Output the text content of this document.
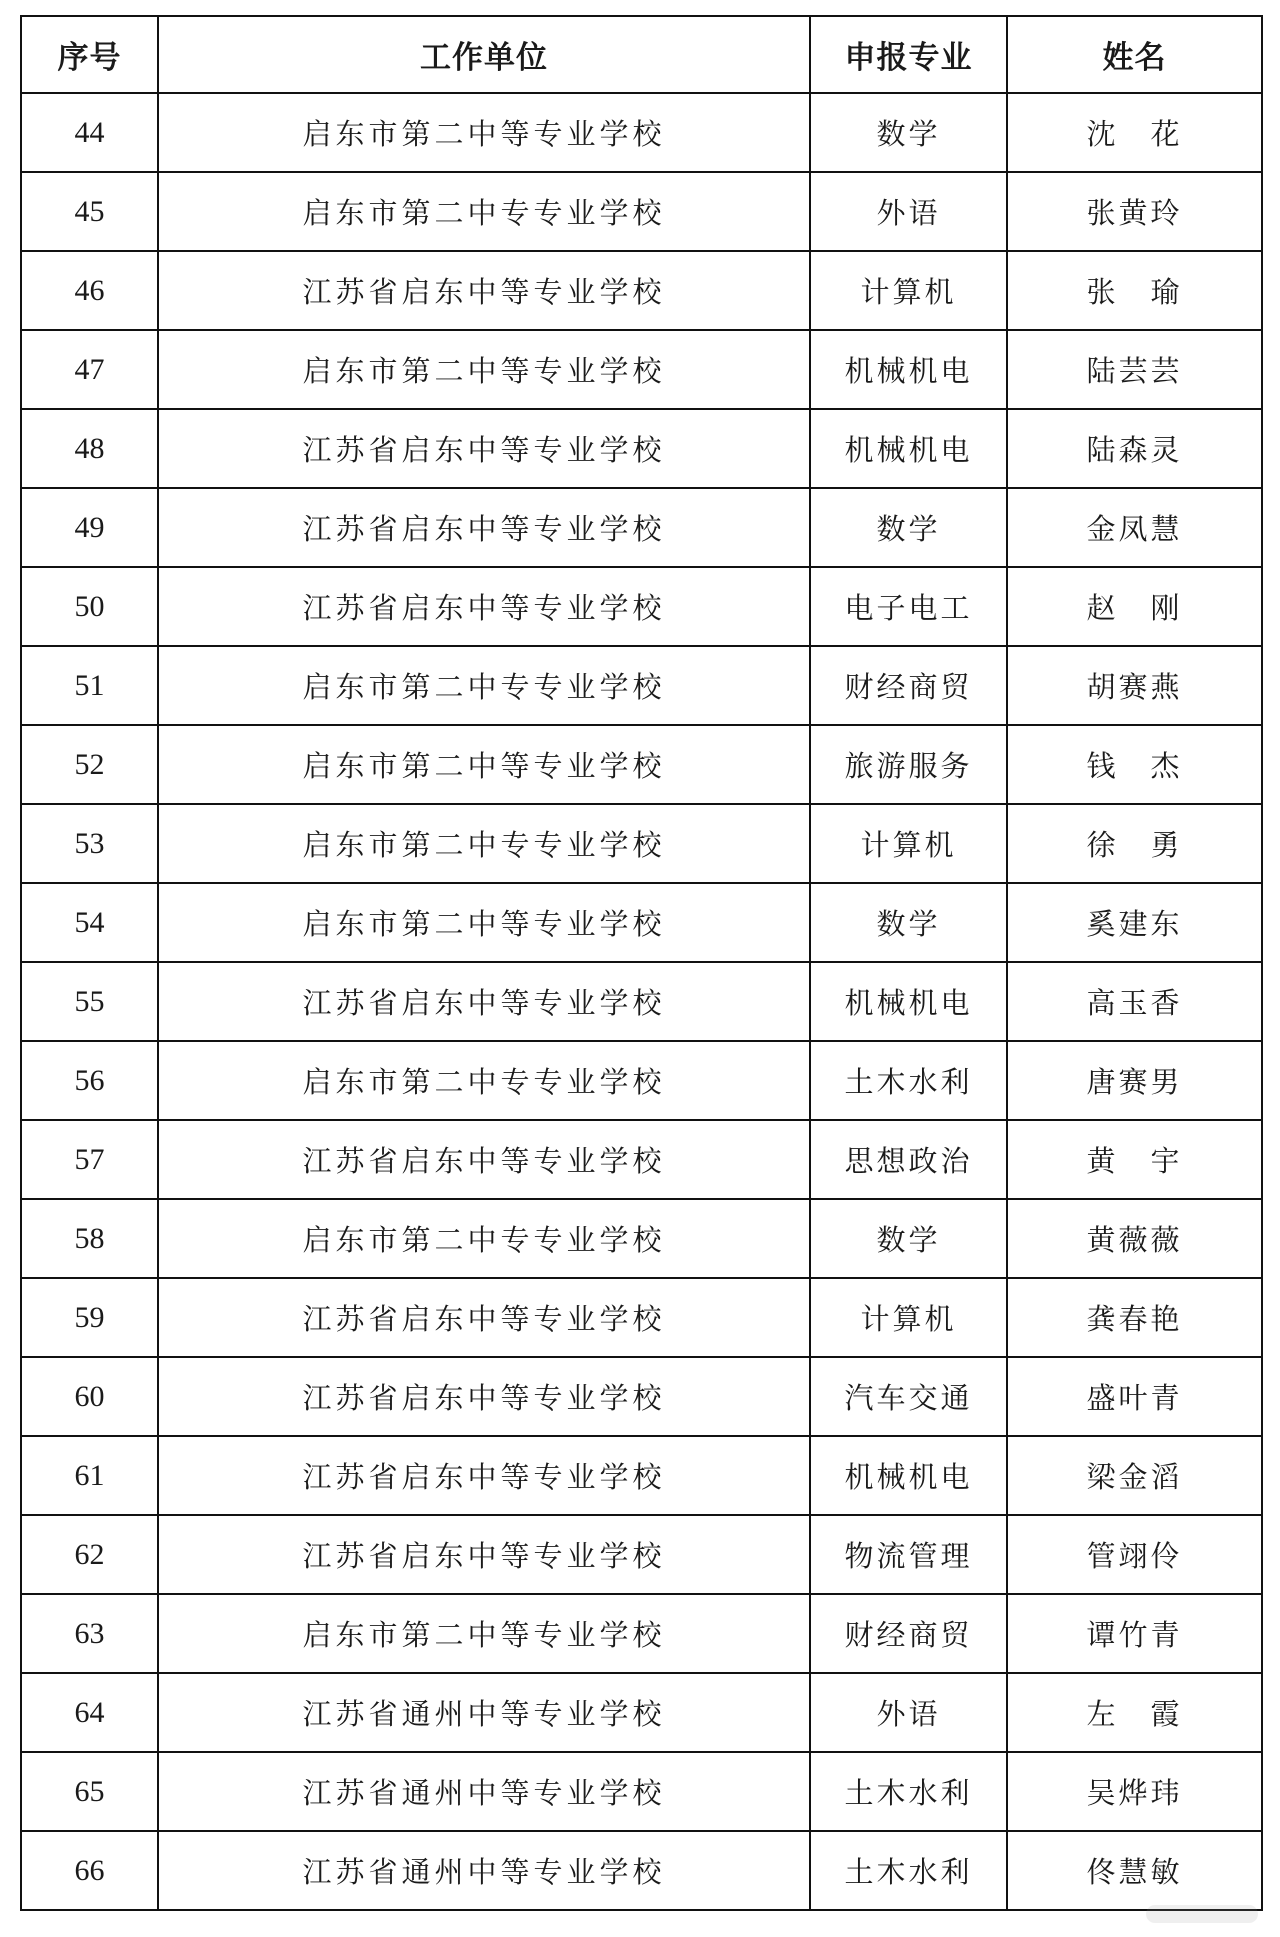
序号	工作单位	申报专业	姓名
44	启东市第二中等专业学校	数学	沈　花
45	启东市第二中专专业学校	外语	张黄玲
46	江苏省启东中等专业学校	计算机	张　瑜
47	启东市第二中等专业学校	机械机电	陆芸芸
48	江苏省启东中等专业学校	机械机电	陆森灵
49	江苏省启东中等专业学校	数学	金凤慧
50	江苏省启东中等专业学校	电子电工	赵　刚
51	启东市第二中专专业学校	财经商贸	胡赛燕
52	启东市第二中等专业学校	旅游服务	钱　杰
53	启东市第二中专专业学校	计算机	徐　勇
54	启东市第二中等专业学校	数学	奚建东
55	江苏省启东中等专业学校	机械机电	高玉香
56	启东市第二中专专业学校	土木水利	唐赛男
57	江苏省启东中等专业学校	思想政治	黄　宇
58	启东市第二中专专业学校	数学	黄薇薇
59	江苏省启东中等专业学校	计算机	龚春艳
60	江苏省启东中等专业学校	汽车交通	盛叶青
61	江苏省启东中等专业学校	机械机电	梁金滔
62	江苏省启东中等专业学校	物流管理	管翊伶
63	启东市第二中等专业学校	财经商贸	谭竹青
64	江苏省通州中等专业学校	外语	左　霞
65	江苏省通州中等专业学校	土木水利	吴烨玮
66	江苏省通州中等专业学校	土木水利	佟慧敏
